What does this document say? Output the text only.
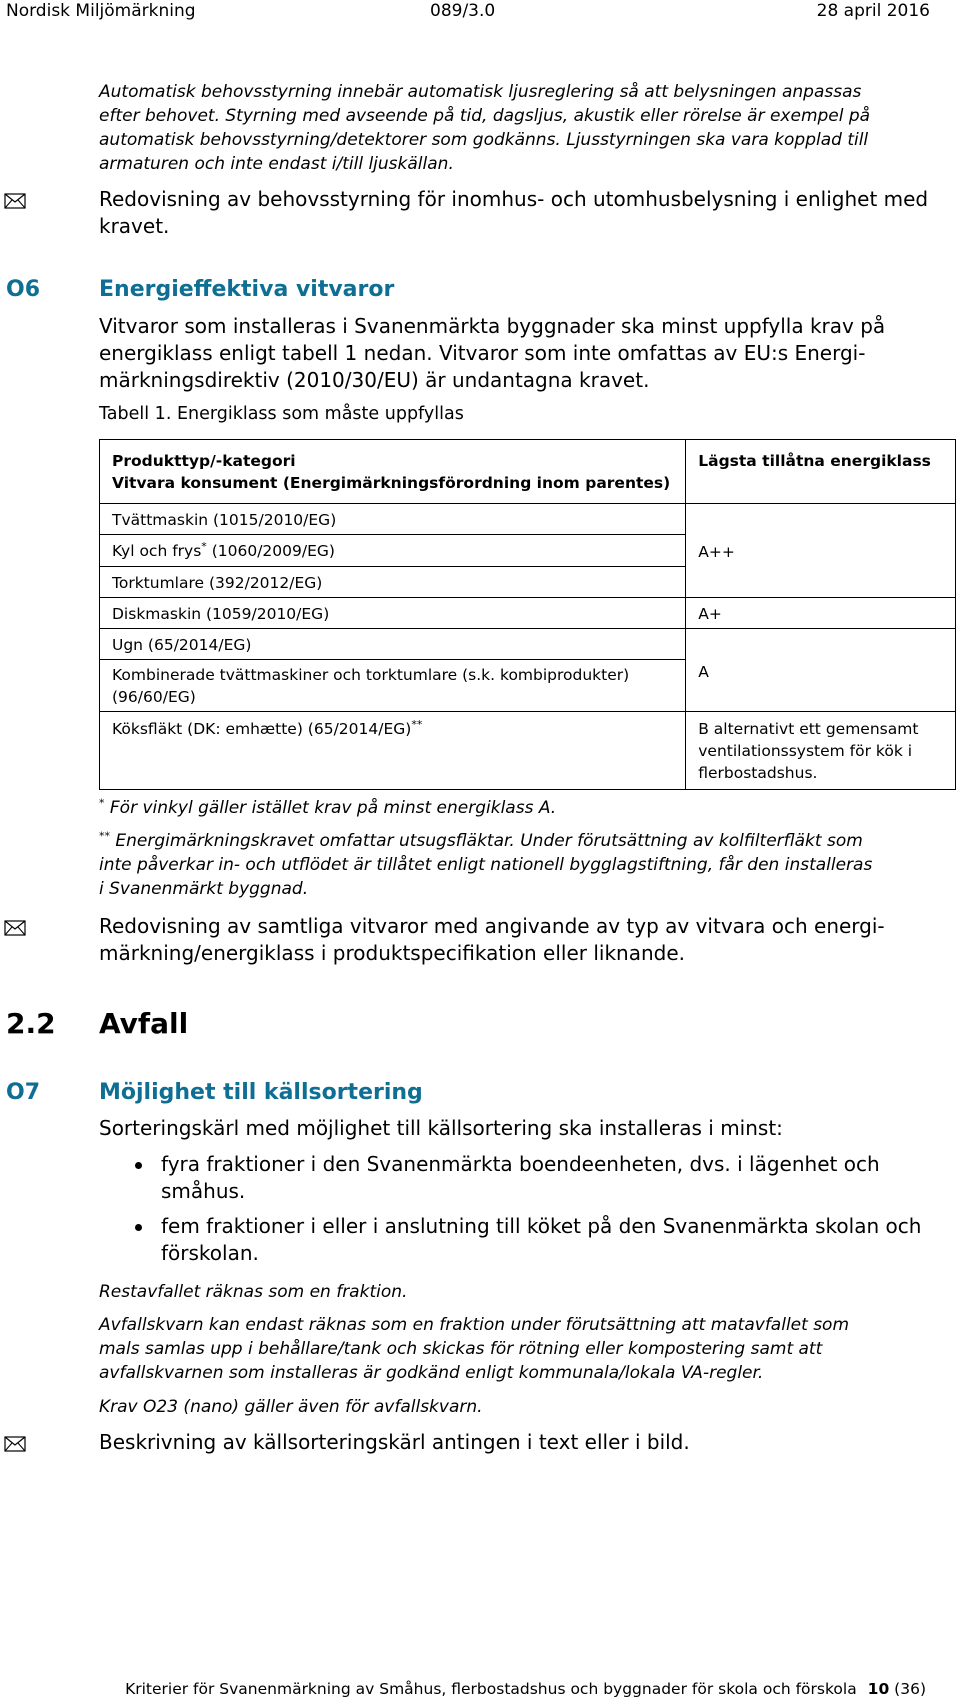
Nordisk Miljömärkning	089/3.0	28 april 2016
Automatisk behovsstyrning innebär automatisk ljusreglering så att belysningen anpassas
efter behovet. Styrning med avseende på tid, dagsljus, akustik eller rörelse är exempel på
automatisk behovsstyrning/detektorer som godkänns. Ljusstyrningen ska vara kopplad till
armaturen och inte endast i/till ljuskällan.
Redovisning av behovsstyrning för inomhus- och utomhusbelysning i enlighet med
kravet.
O6	Energieffektiva vitvaror
Vitvaror som installeras i Svanenmärkta byggnader ska minst uppfylla krav på
energiklass enligt tabell 1 nedan. Vitvaror som inte omfattas av EU:s Energi-
märkningsdirektiv (2010/30/EU) är undantagna kravet.
Tabell 1. Energiklass som måste uppfyllas
Produkttyp/-kategori
Vitvara konsument (Energimärkningsförordning inom parentes)	Lägsta tillåtna energiklass
Tvättmaskin (1015/2010/EG)	A++
Kyl och frys* (1060/2009/EG)	
Torktumlare (392/2012/EG)	
Diskmaskin (1059/2010/EG)	A+
Ugn (65/2014/EG)	A

Kombinerade tvättmaskiner och torktumlare (s.k. kombiprodukter)
(96/60/EG)	

Köksfläkt (DK: emhætte) (65/2014/EG)**	B alternativt ett gemensamt
ventilationssystem för kök i
flerbostadshus.
* För vinkyl gäller istället krav på minst energiklass A.
** Energimärkningskravet omfattar utsugsfläktar. Under förutsättning av kolfilterfläkt som
inte påverkar in- och utflödet är tillåtet enligt nationell bygglagstiftning, får den installeras
i Svanenmärkt byggnad.
Redovisning av samtliga vitvaror med angivande av typ av vitvara och energi-
märkning/energiklass i produktspecifikation eller liknande.
2.2 Avfall
O7	Möjlighet till källsortering
Sorteringskärl med möjlighet till källsortering ska installeras i minst:
fyra fraktioner i den Svanenmärkta boendeenheten, dvs. i lägenhet och
småhus.
fem fraktioner i eller i anslutning till köket på den Svanenmärkta skolan och
förskolan.
Restavfallet räknas som en fraktion.
Avfallskvarn kan endast räknas som en fraktion under förutsättning att matavfallet som
mals samlas upp i behållare/tank och skickas för rötning eller kompostering samt att
avfallskvarnen som installeras är godkänd enligt kommunala/lokala VA-regler.
Krav O23 (nano) gäller även för avfallskvarn.
Beskrivning av källsorteringskärl antingen i text eller i bild.
Kriterier för Svanenmärkning av Småhus, flerbostadshus och byggnader för skola och förskola 10 (36)
